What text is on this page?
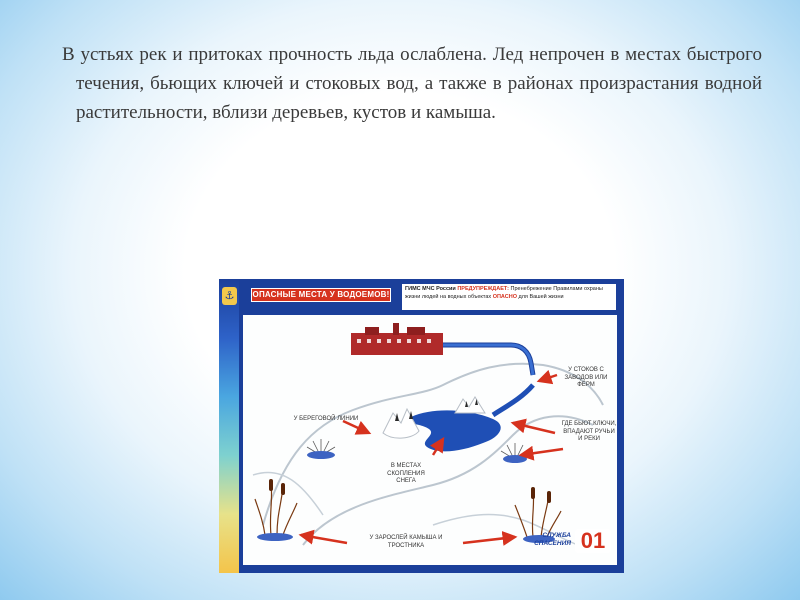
В устьях рек и притоках прочность льда ослаблена. Лед непрочен в местах быстрого течения, бьющих ключей и стоковых вод, а также в районах произрастания водной растительности, вблизи деревьев, кустов и камыша.

⚓	ОПАСНЫЕ МЕСТА У ВОДОЕМОВ!
ГИМС МЧС России ПРЕДУПРЕЖДАЕТ: Пренебрежение Правилами охраны жизни людей на водных объектах ОПАСНО для Вашей жизни
У СТОКОВ С ЗАВОДОВ ИЛИ ФЕРМ
У БЕРЕГОВОЙ ЛИНИИ
ГДЕ БЬЮТ КЛЮЧИ, ВПАДАЮТ РУЧЬИ И РЕКИ
В МЕСТАХ СКОПЛЕНИЯ СНЕГА
У ЗАРОСЛЕЙ КАМЫША И ТРОСТНИКА
СЛУЖБА СПАСЕНИЯ 01
